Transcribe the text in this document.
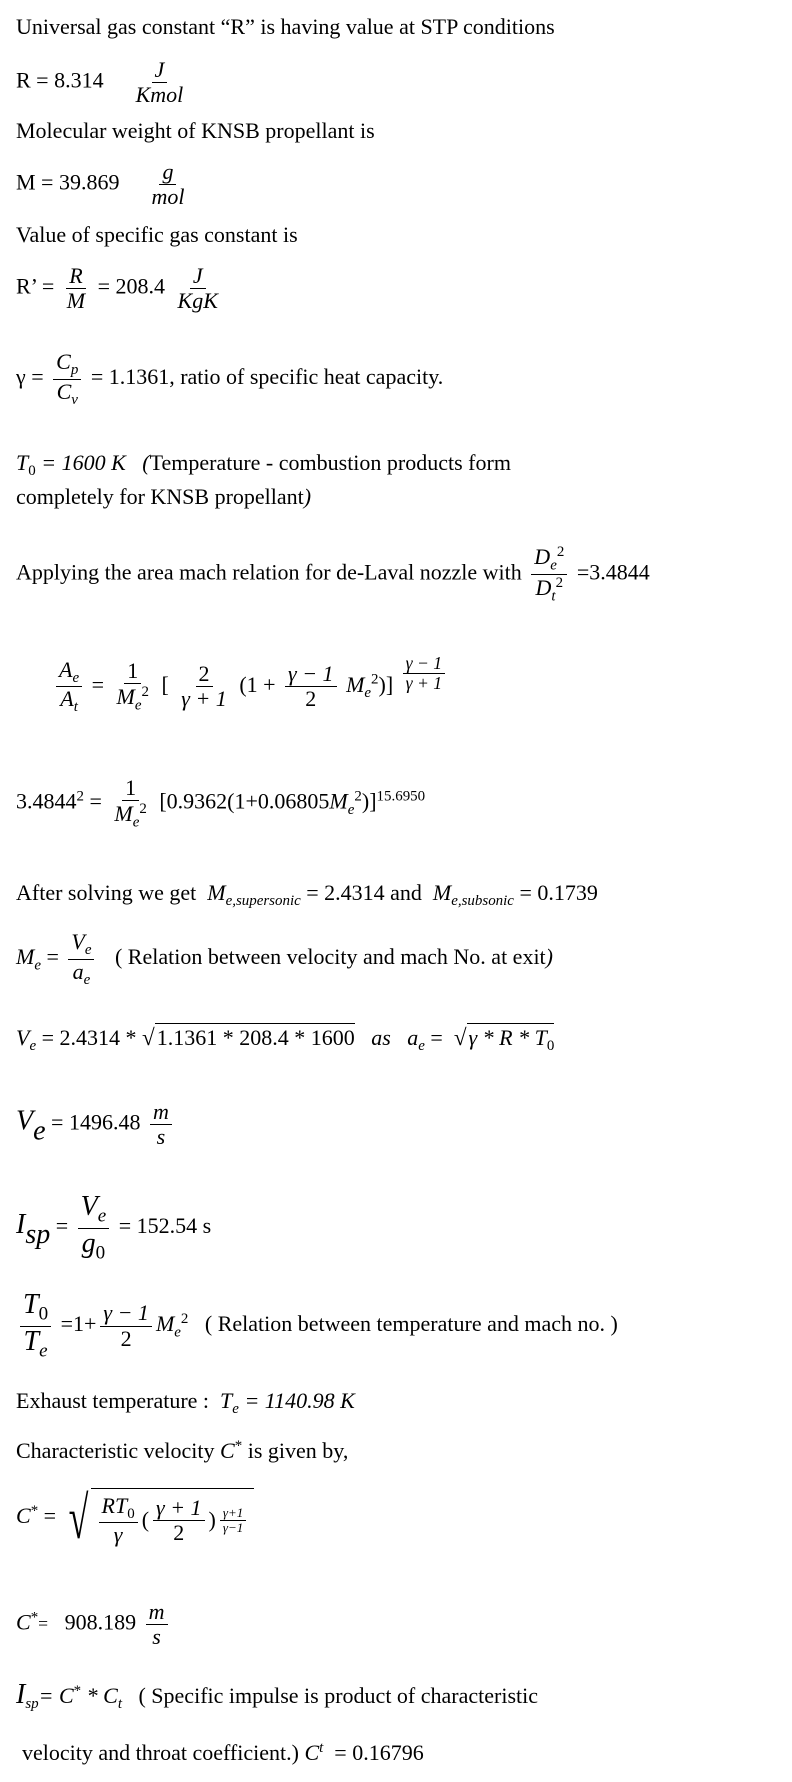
Universal gas constant “R” is having value at STP conditions
$R = 8.314 \frac{J}{\text{Kmol}}$
Molecular weight of KNSB propellant is
$M = 39.869 \frac{g}{\text{mol}}$
Value of specific gas constant is
R’ = $\frac{R}{M} = 208.4 \frac{J}{\text{KgK}}$
$\gamma = \frac{C_p}{C_v} = 1.1361$, ratio of specific heat capacity.
$T_0 = 1600$ K (Temperature - combustion products form
completely for KNSB propellant)
Applying the area mach relation for de-Laval nozzle with $\frac{D_e^2}{D_t^2} =3.4844$
$\frac{A_e}{A_t} = \frac{1}{M_e^2}$ [ $\frac{2}{\gamma + 1} (1 + \frac{\gamma - 1}{2} M_e^2)] \frac{\gamma - 1}{\gamma + 1}$
$3.4844^2 = \frac{1}{M_e^2} [0.9362(1+0.06805M_e^2)]^{15.6950}$
After solving we get $M_{e,supersonic} = 2.4314$ and $M_{e,subsonic} = 0.1739$
$M_e = \frac{V_e}{a_e}$ ( Relation between velocity and mach No. at exit)
$V_e = 2.4314 * √1.1361 * 208.4 * 1600$ as $a_e = √\gamma * R * T_0$
$Ve = 1496.48 \frac{m}{s}$
Isp = $\frac{V_e}{g_0} = 152.54$ s
$\frac{T_0}{T_e} =1+ \frac{\gamma - 1}{2} M_e^2$ ( Relation between temperature and mach no. )
Exhaust temperature : $T_e = 1140.98$ K
Characteristic velocity C* is given by,
C* = √ $\frac{RT_0}{\gamma}$ ( $\frac{\gamma + 1}{2}$ ) $\frac{\gamma+1}{\gamma-1}$
$C^*= 908.189 \frac{m}{s}$
$I_{sp}= C^* * C_t$ ( Specific impulse is product of characteristic
velocity and throat coefficient.) $C^t = 0.16796$
